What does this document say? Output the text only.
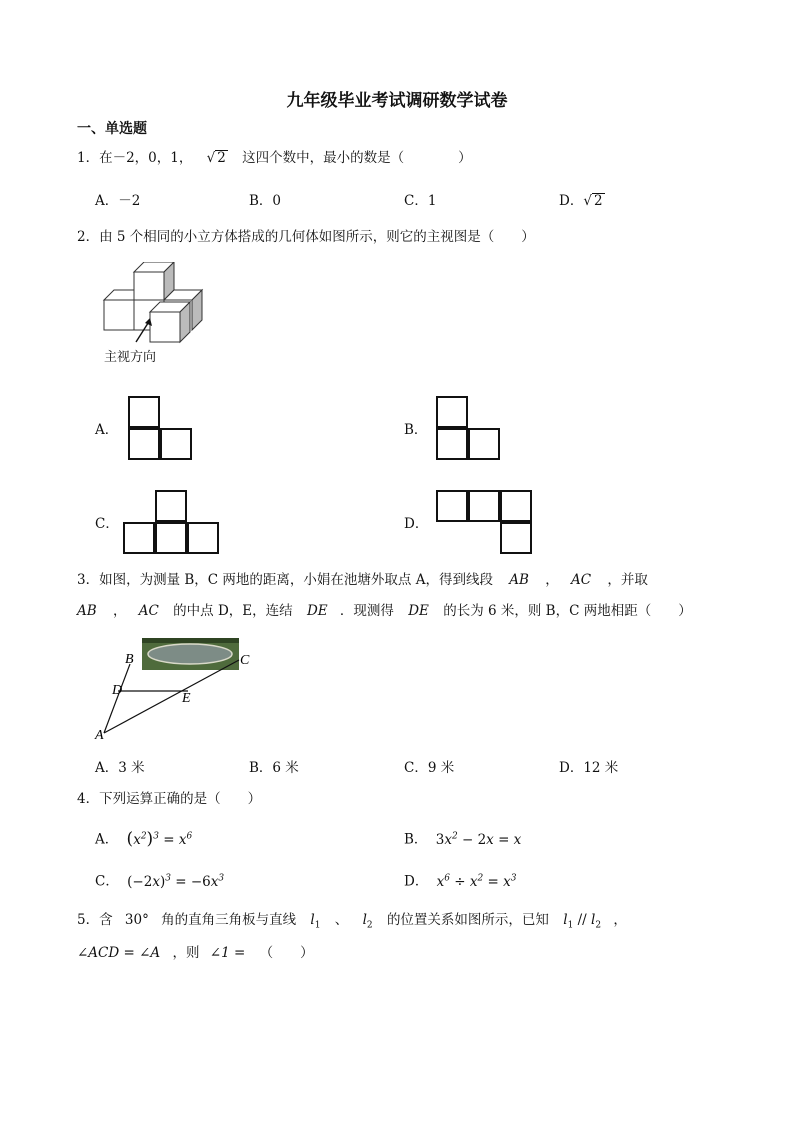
九年级毕业考试调研数学试卷
一、单选题
1．在－2，0，1， √ 2 这四个数中，最小的数是（	）
A．－2	B．0	C．1	D．√ 2
2．由 5 个相同的小立方体搭成的几何体如图所示，则它的主视图是（　　）
主视方向
A．	B．
C．	D．
3．如图，为测量 B，C 两地的距离，小娟在池塘外取点 A，得到线段 AB ， AC ，并取
AB ， AC 的中点 D，E，连结 DE ．现测得 DE 的长为 6 米，则 B，C 两地相距（　　）
B	C
D
E
A
A．3 米	B．6 米	C．9 米	D．12 米
4．下列运算正确的是（　　）
A． $(x^2)^3 = x^6$	B． $3x^2 - 2x = x$
C． $(-2x)^3 = -6x^3$	D． $x^6 \div x^2 = x^3$
5．含 30° 角的直角三角板与直线 $l_1$ 、 $l_2$ 的位置关系如图所示，已知 $l_1 // l_2$ ，
∠ACD = ∠A ，则 ∠1 = （　　）
